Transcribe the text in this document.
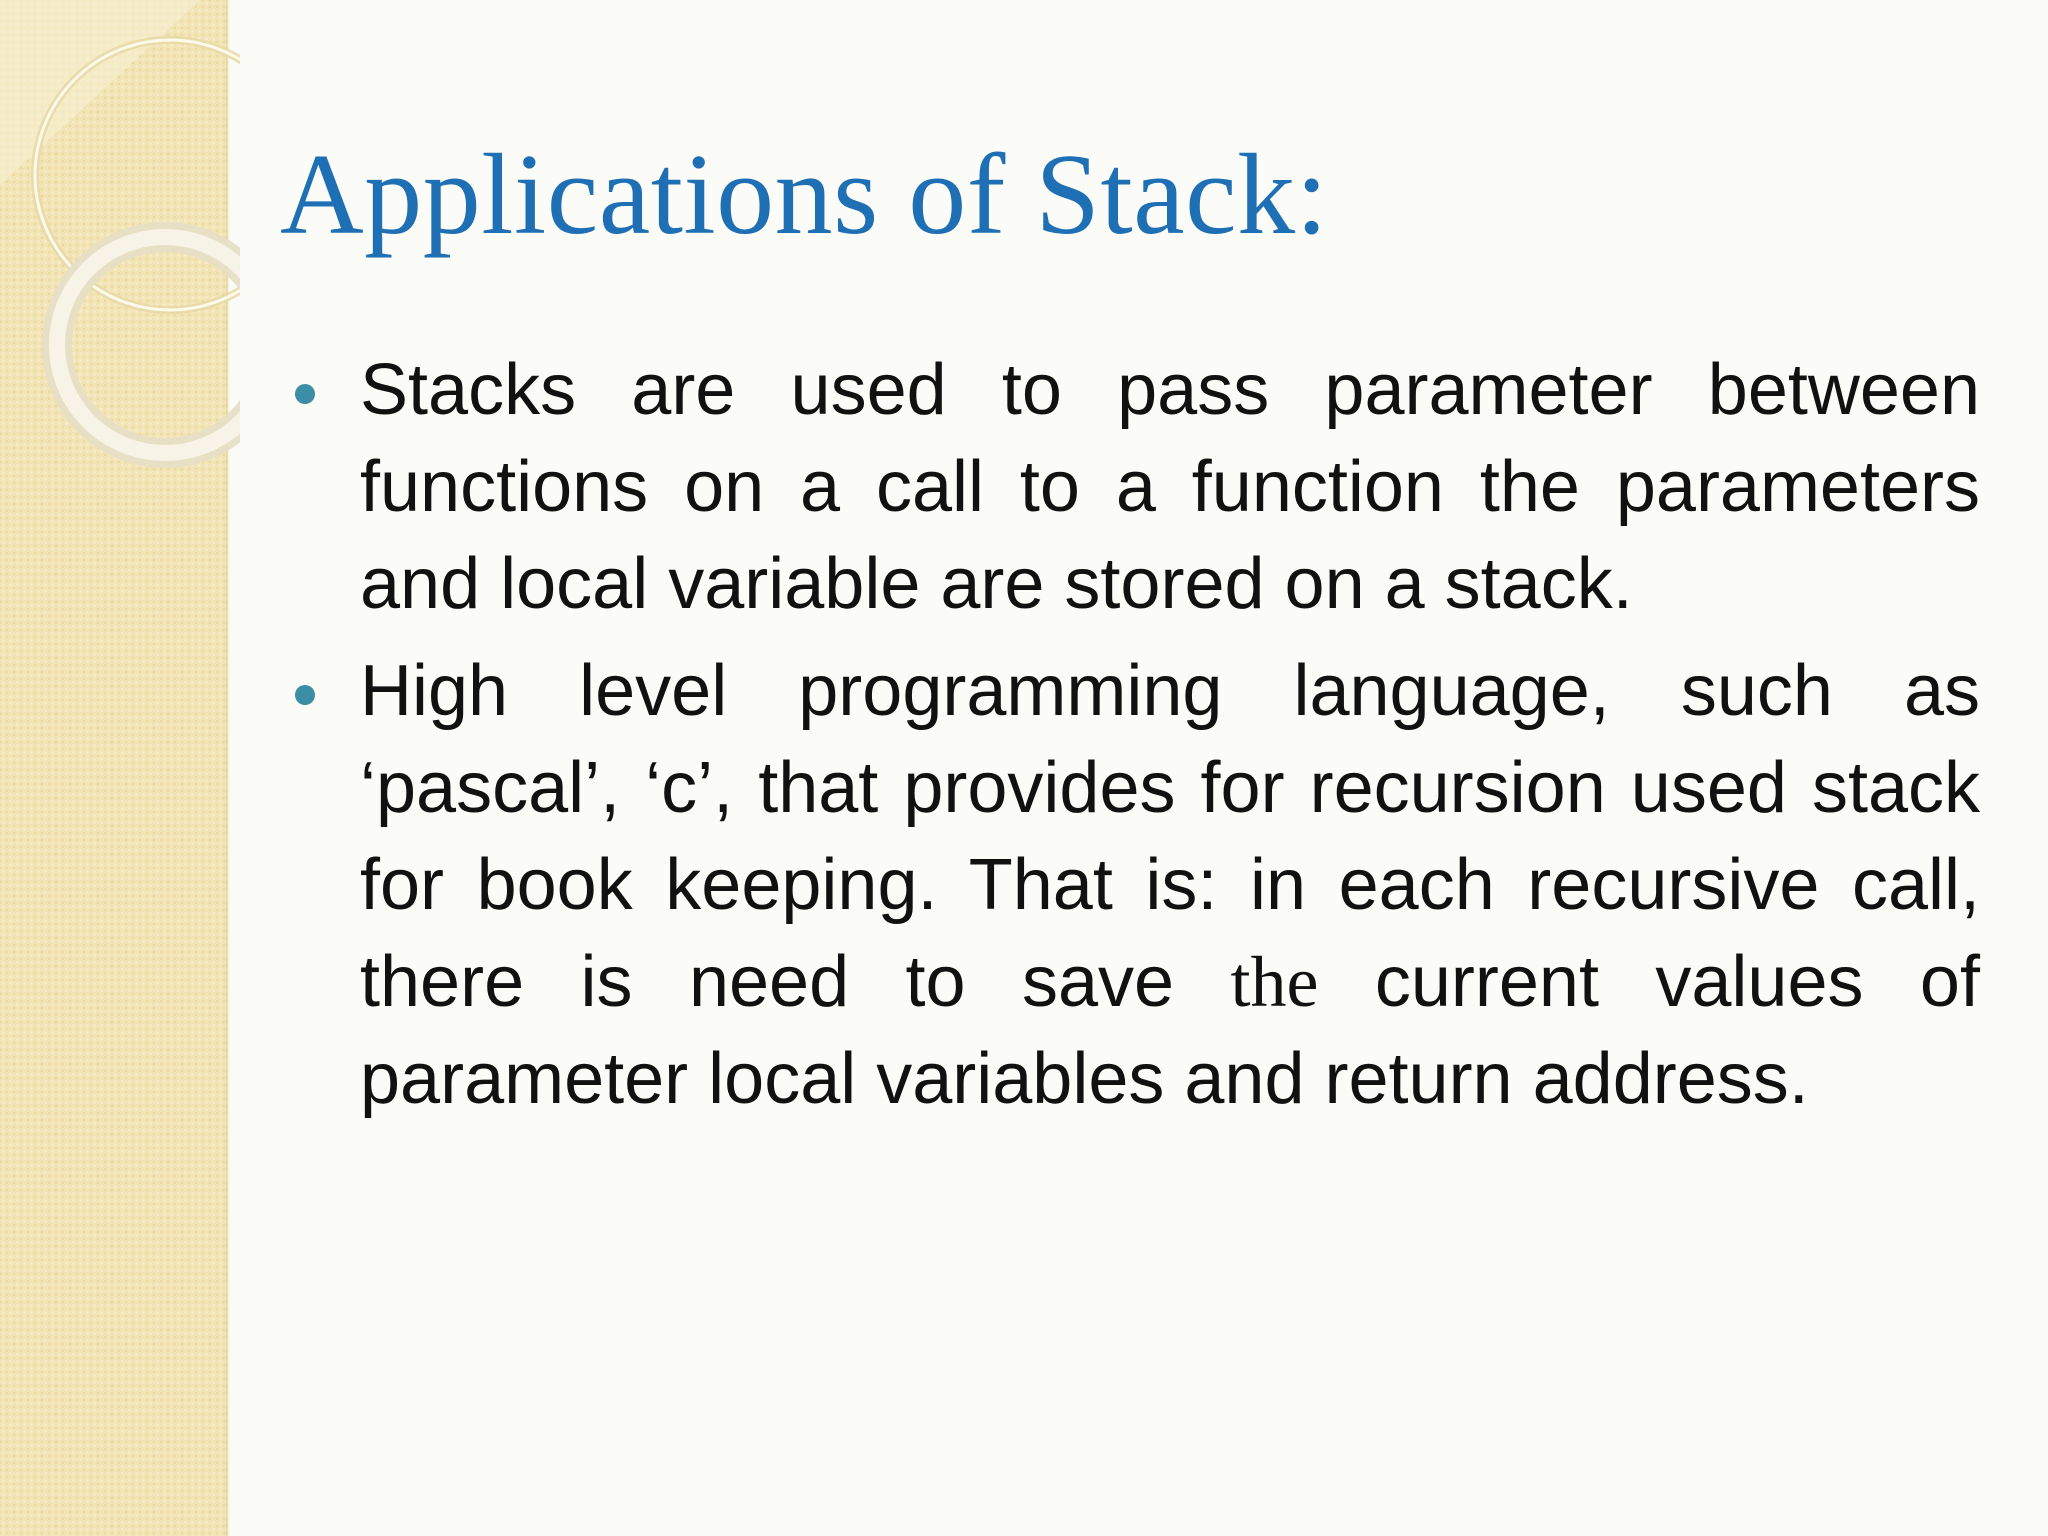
Applications of Stack:
Stacks are used to pass parameter between functions on a call to a function the parameters and local variable are stored on a stack.
High level programming language, such as ‘pascal’, ‘c’, that provides for recursion used stack for book keeping. That is: in each recursive call, there is need to save the current values of parameter local variables and return address.
